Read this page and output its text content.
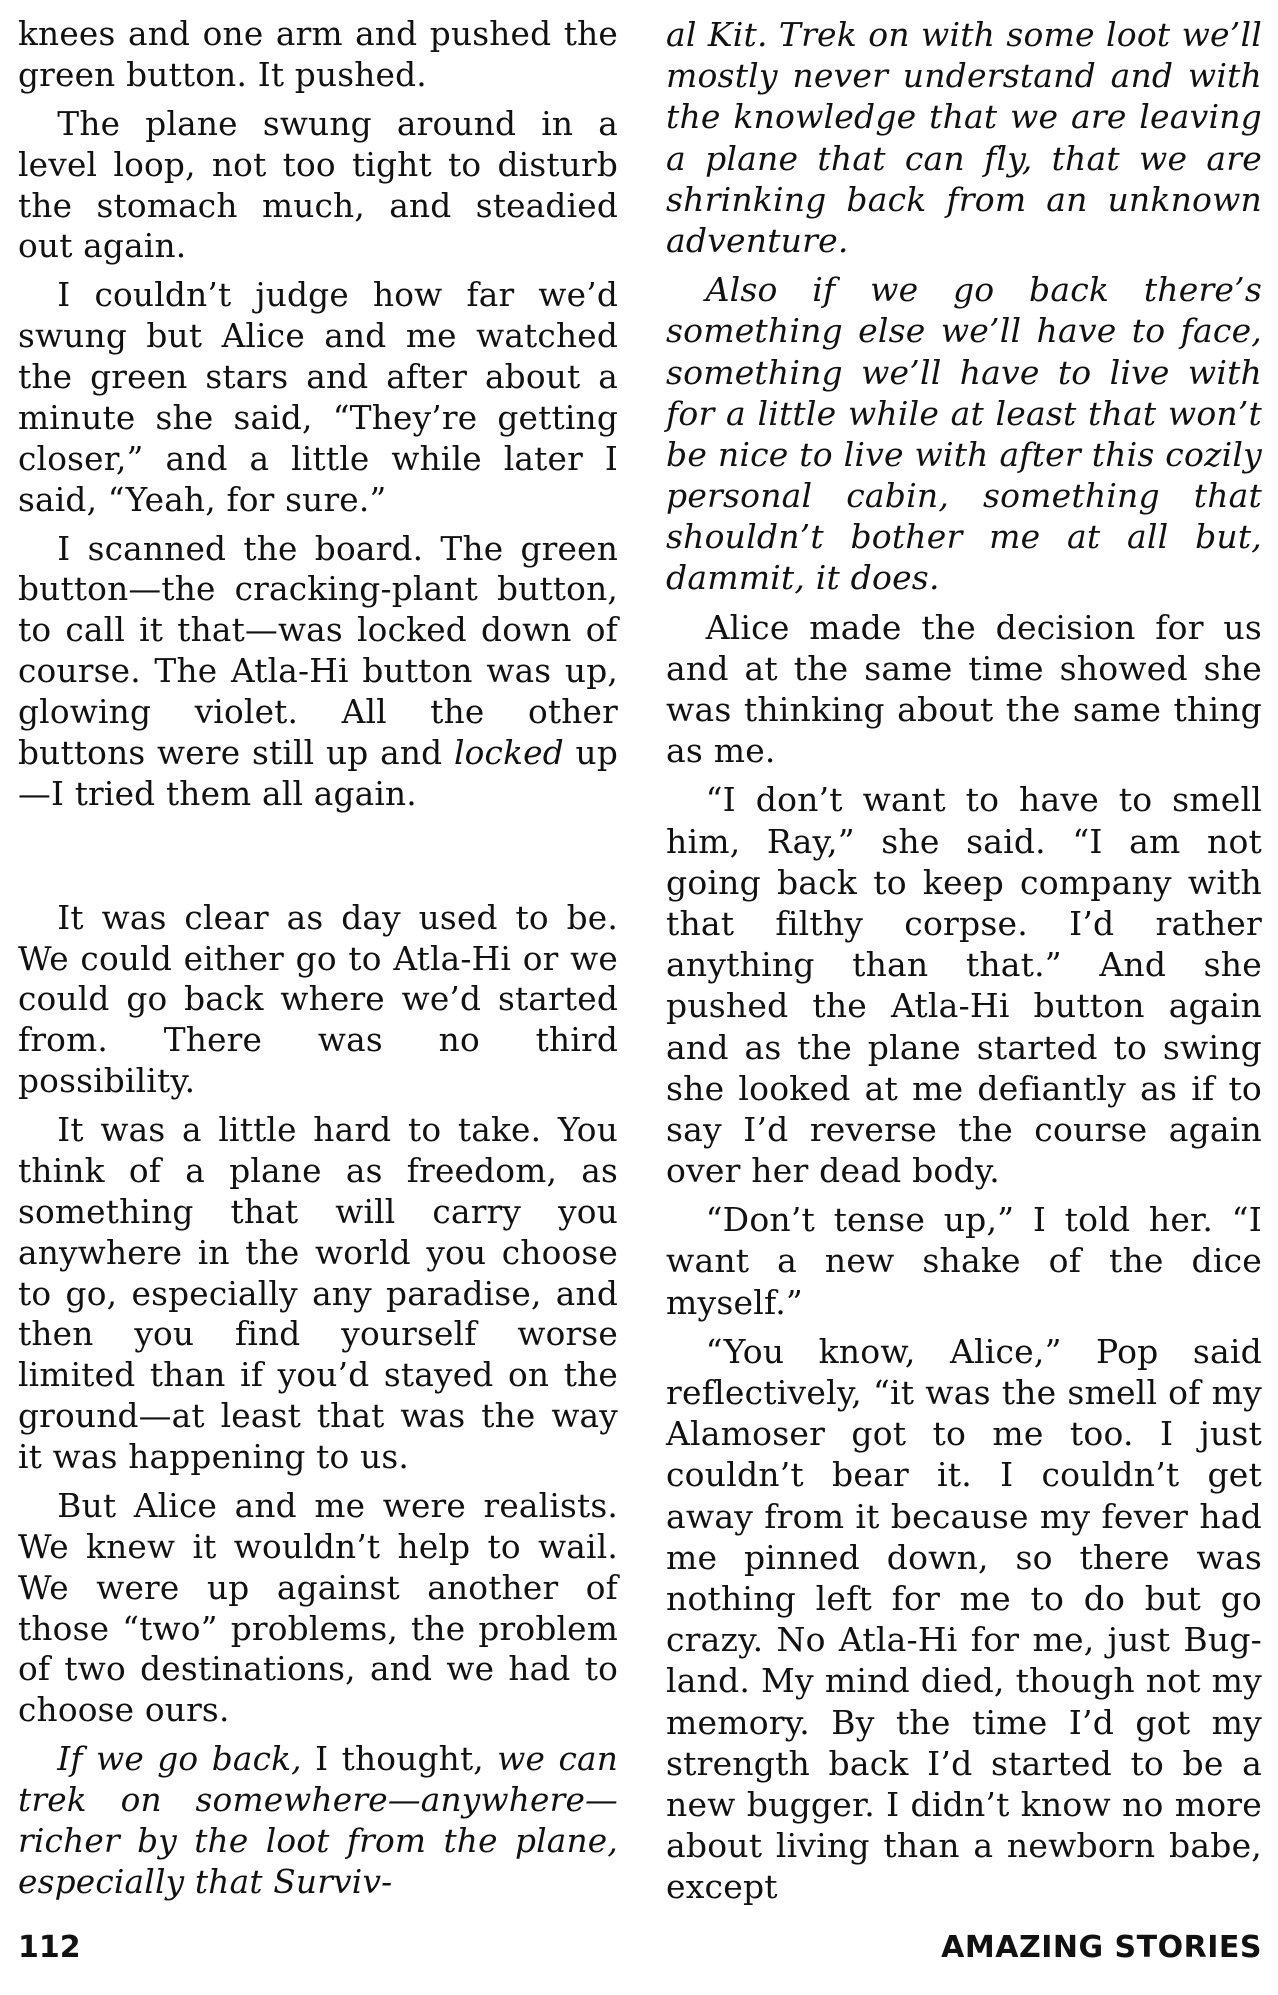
knees and one arm and pushed the green button. It pushed.

The plane swung around in a level loop, not too tight to disturb the stomach much, and steadied out again.

I couldn’t judge how far we’d swung but Alice and me watched the green stars and after about a minute she said, “They’re getting closer,” and a little while later I said, “Yeah, for sure.”

I scanned the board. The green button—the cracking-plant button, to call it that—was locked down of course. The Atla-Hi button was up, glowing violet. All the other buttons were still up and locked up—I tried them all again.

It was clear as day used to be. We could either go to Atla-Hi or we could go back where we’d started from. There was no third possibility.

It was a little hard to take. You think of a plane as freedom, as something that will carry you anywhere in the world you choose to go, especially any paradise, and then you find yourself worse limited than if you’d stayed on the ground—at least that was the way it was happening to us.

But Alice and me were realists. We knew it wouldn’t help to wail. We were up against another of those “two” problems, the problem of two destinations, and we had to choose ours.

If we go back, I thought, we can trek on somewhere—anywhere—richer by the loot from the plane, especially that Surviv-

al Kit. Trek on with some loot we’ll mostly never understand and with the knowledge that we are leaving a plane that can fly, that we are shrinking back from an unknown adventure.

Also if we go back there’s something else we’ll have to face, something we’ll have to live with for a little while at least that won’t be nice to live with after this cozily personal cabin, something that shouldn’t bother me at all but, dammit, it does.

Alice made the decision for us and at the same time showed she was thinking about the same thing as me.

“I don’t want to have to smell him, Ray,” she said. “I am not going back to keep company with that filthy corpse. I’d rather anything than that.” And she pushed the Atla-Hi button again and as the plane started to swing she looked at me defiantly as if to say I’d reverse the course again over her dead body.

“Don’t tense up,” I told her. “I want a new shake of the dice myself.”

“You know, Alice,” Pop said reflectively, “it was the smell of my Alamoser got to me too. I just couldn’t bear it. I couldn’t get away from it because my fever had me pinned down, so there was nothing left for me to do but go crazy. No Atla-Hi for me, just Bug-land. My mind died, though not my memory. By the time I’d got my strength back I’d started to be a new bugger. I didn’t know no more about living than a newborn babe, except

112	AMAZING STORIES
